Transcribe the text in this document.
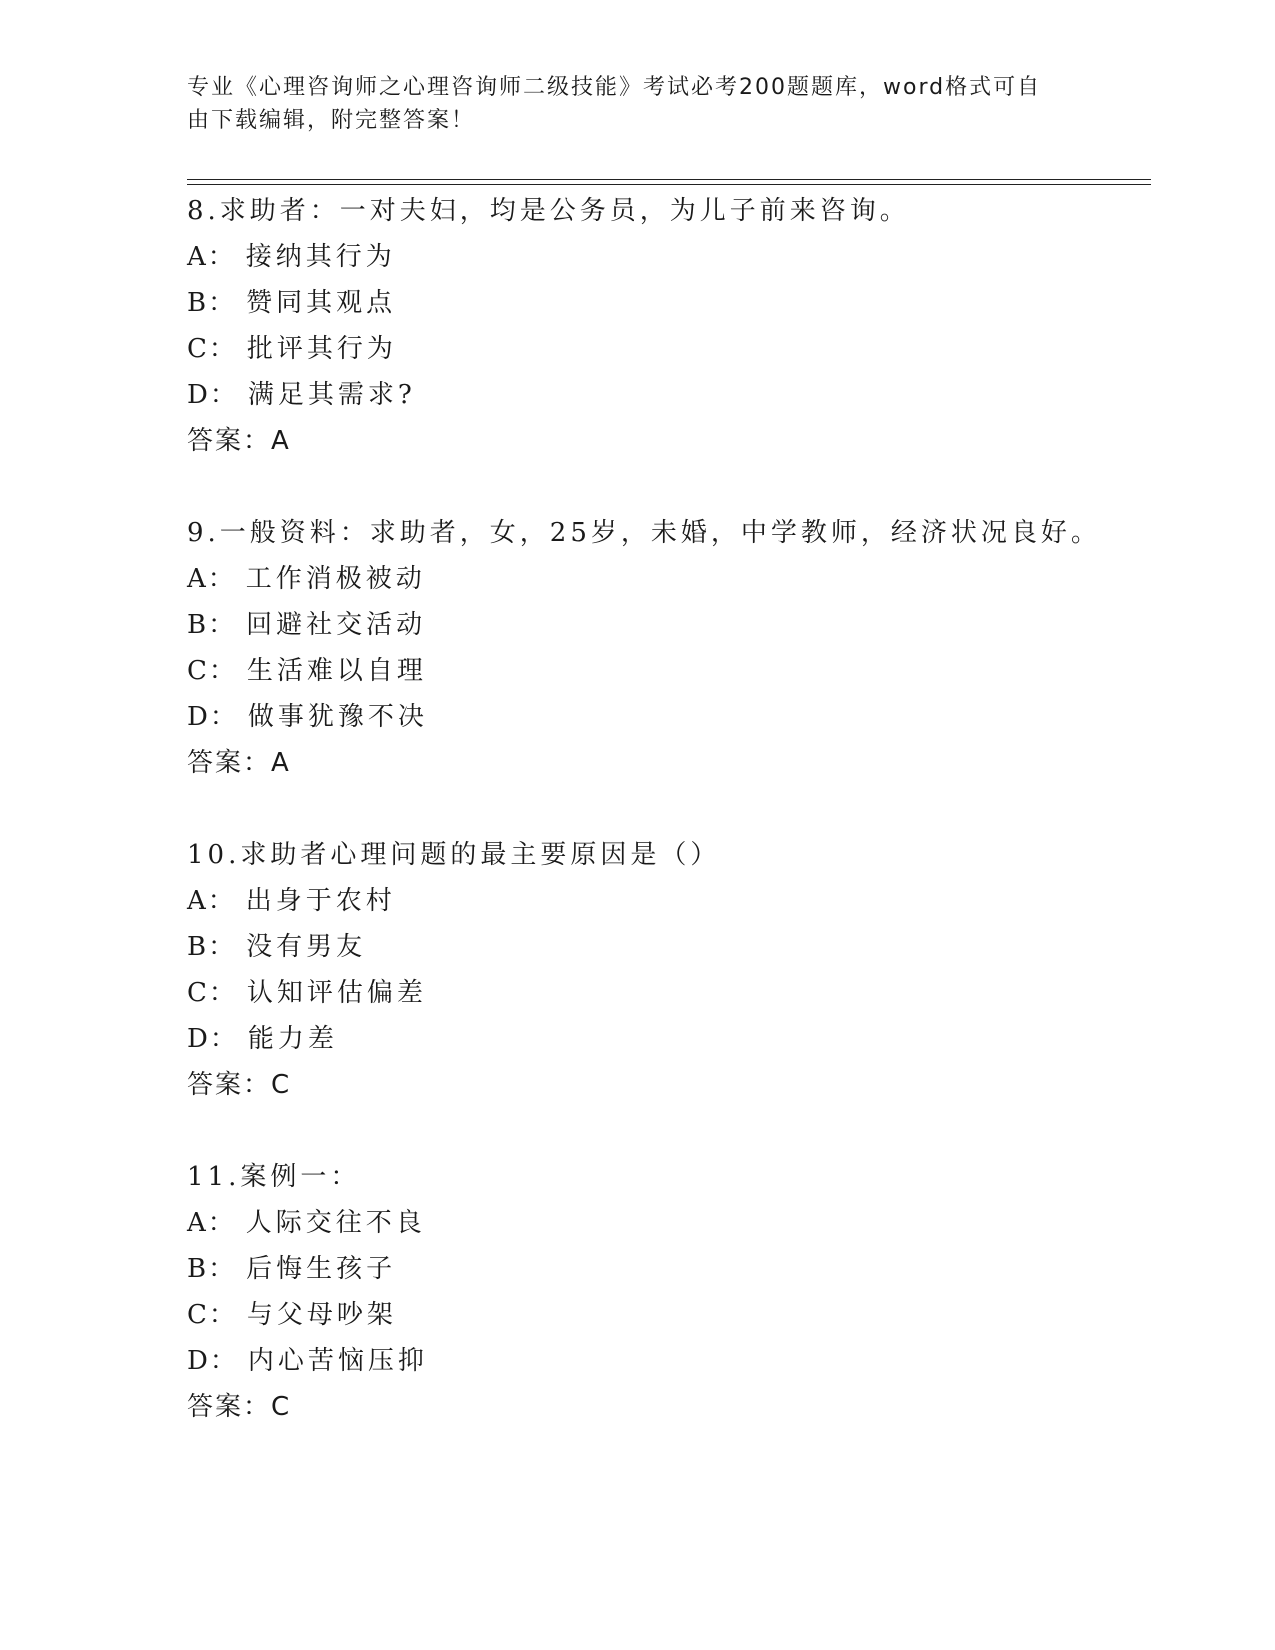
专业《心理咨询师之心理咨询师二级技能》考试必考200题题库，word格式可自
由下载编辑，附完整答案！
8.求助者：一对夫妇，均是公务员，为儿子前来咨询。
A： 接纳其行为
B： 赞同其观点
C： 批评其行为
D： 满足其需求?
答案：A
9.一般资料：求助者，女，25岁，未婚，中学教师，经济状况良好。
A： 工作消极被动
B： 回避社交活动
C： 生活难以自理
D： 做事犹豫不决
答案：A
10.求助者心理问题的最主要原因是（）
A： 出身于农村
B： 没有男友
C： 认知评估偏差
D： 能力差
答案：C
11.案例一：
A： 人际交往不良
B： 后悔生孩子
C： 与父母吵架
D： 内心苦恼压抑
答案：C
